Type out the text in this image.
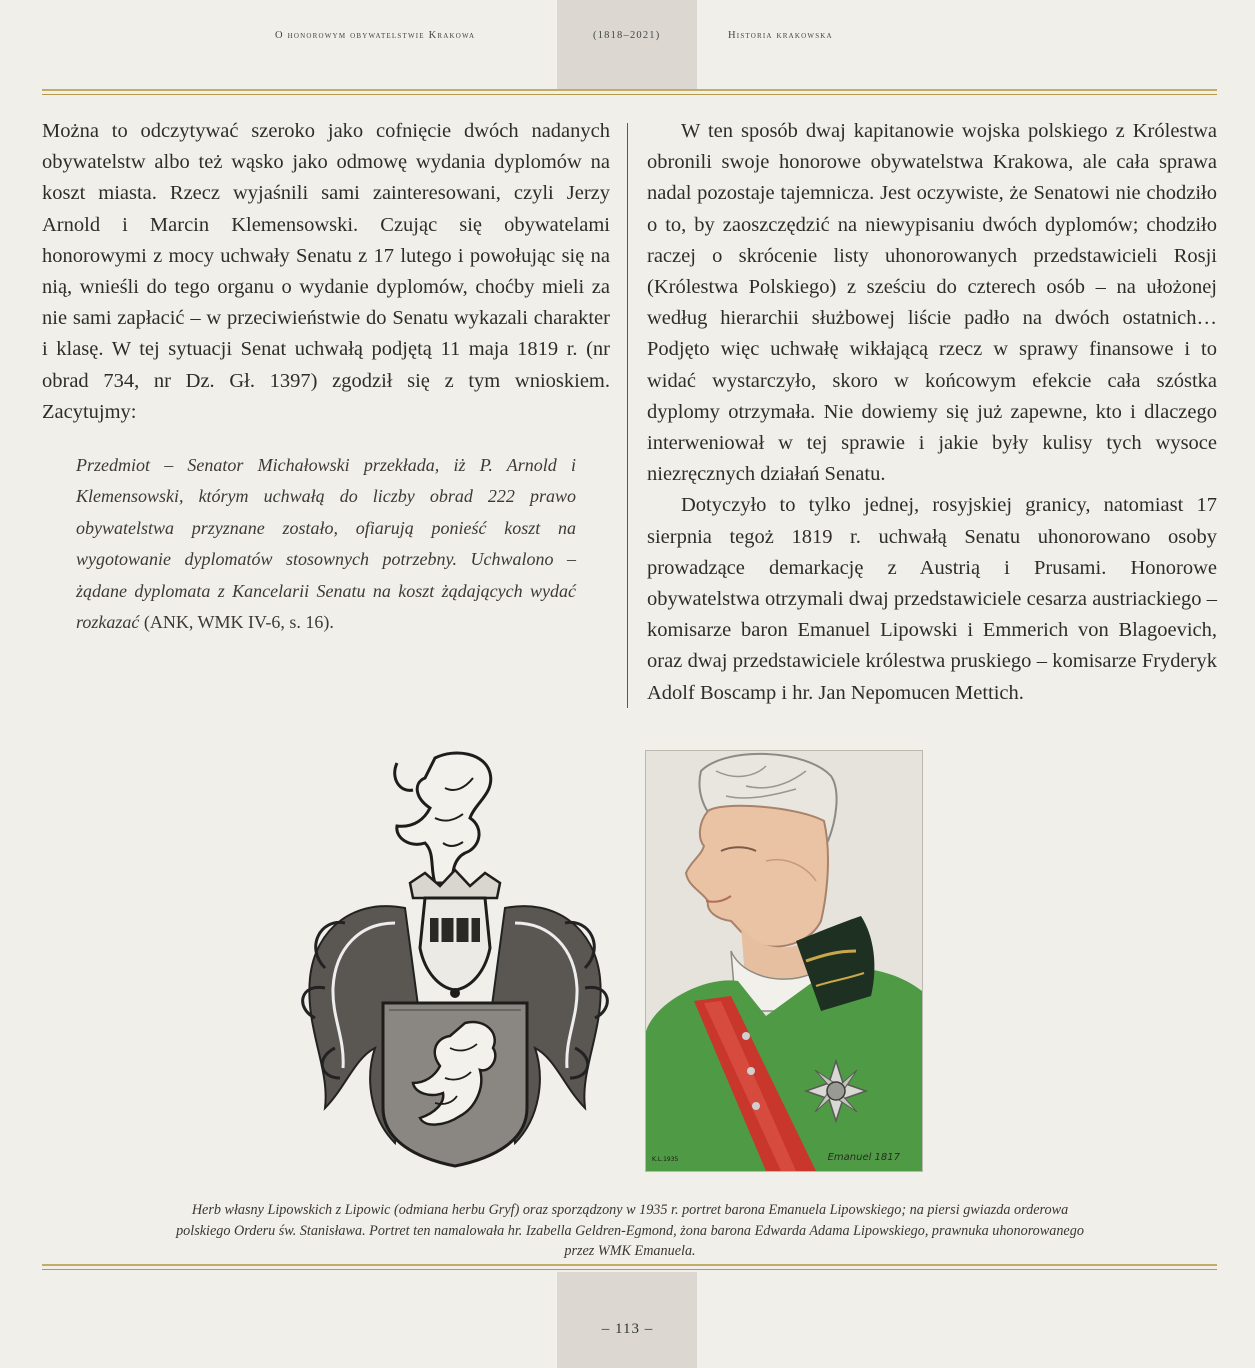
O honorowym obywatelstwie Krakowa	(1818–2021)	Historia krakowska

Można to odczytywać szeroko jako cofnięcie dwóch nadanych obywatelstw albo też wąsko jako odmowę wydania dyplomów na koszt miasta. Rzecz wyjaśnili sami zainteresowani, czyli Jerzy Arnold i Marcin Klemensowski. Czując się obywatelami honorowymi z mocy uchwały Senatu z 17 lutego i powołując się na nią, wnieśli do tego organu o wydanie dyplomów, choćby mieli za nie sami zapłacić – w przeciwieństwie do Senatu wykazali charakter i klasę. W tej sytuacji Senat uchwałą podjętą 11 maja 1819 r. (nr obrad 734, nr Dz. Gł. 1397) zgodził się z tym wnioskiem. Zacytujmy:

Przedmiot – Senator Michałowski przekłada, iż P. Arnold i Klemensowski, którym uchwałą do liczby obrad 222 prawo obywatelstwa przyznane zostało, ofiarują ponieść koszt na wygotowanie dyplomatów stosownych potrzebny. Uchwalono – żądane dyplomata z Kancelarii Senatu na koszt żądających wydać rozkazać (ANK, WMK IV-6, s. 16).

W ten sposób dwaj kapitanowie wojska polskiego z Królestwa obronili swoje honorowe obywatelstwa Krakowa, ale cała sprawa nadal pozostaje tajemnicza. Jest oczywiste, że Senatowi nie chodziło o to, by zaoszczędzić na niewypisaniu dwóch dyplomów; chodziło raczej o skrócenie listy uhonorowanych przedstawicieli Rosji (Królestwa Polskiego) z sześciu do czterech osób – na ułożonej według hierarchii służbowej liście padło na dwóch ostatnich… Podjęto więc uchwałę wikłającą rzecz w sprawy finansowe i to widać wystarczyło, skoro w końcowym efekcie cała szóstka dyplomy otrzymała. Nie dowiemy się już zapewne, kto i dlaczego interweniował w tej sprawie i jakie były kulisy tych wysoce niezręcznych działań Senatu.

Dotyczyło to tylko jednej, rosyjskiej granicy, natomiast 17 sierpnia tegoż 1819 r. uchwałą Senatu uhonorowano osoby prowadzące demarkację z Austrią i Prusami. Honorowe obywatelstwa otrzymali dwaj przedstawiciele cesarza austriackiego – komisarze baron Emanuel Lipowski i Emmerich von Blagoevich, oraz dwaj przedstawiciele królestwa pruskiego – komisarze Fryderyk Adolf Boscamp i hr. Jan Nepomucen Mettich.

K.L.1935	Emanuel 1817

Herb własny Lipowskich z Lipowic (odmiana herbu Gryf) oraz sporządzony w 1935 r. portret barona Emanuela Lipowskiego; na piersi gwiazda orderowa polskiego Orderu św. Stanisława. Portret ten namalowała hr. Izabella Geldren-Egmond, żona barona Edwarda Adama Lipowskiego, prawnuka uhonorowanego przez WMK Emanuela.

– 113 –
